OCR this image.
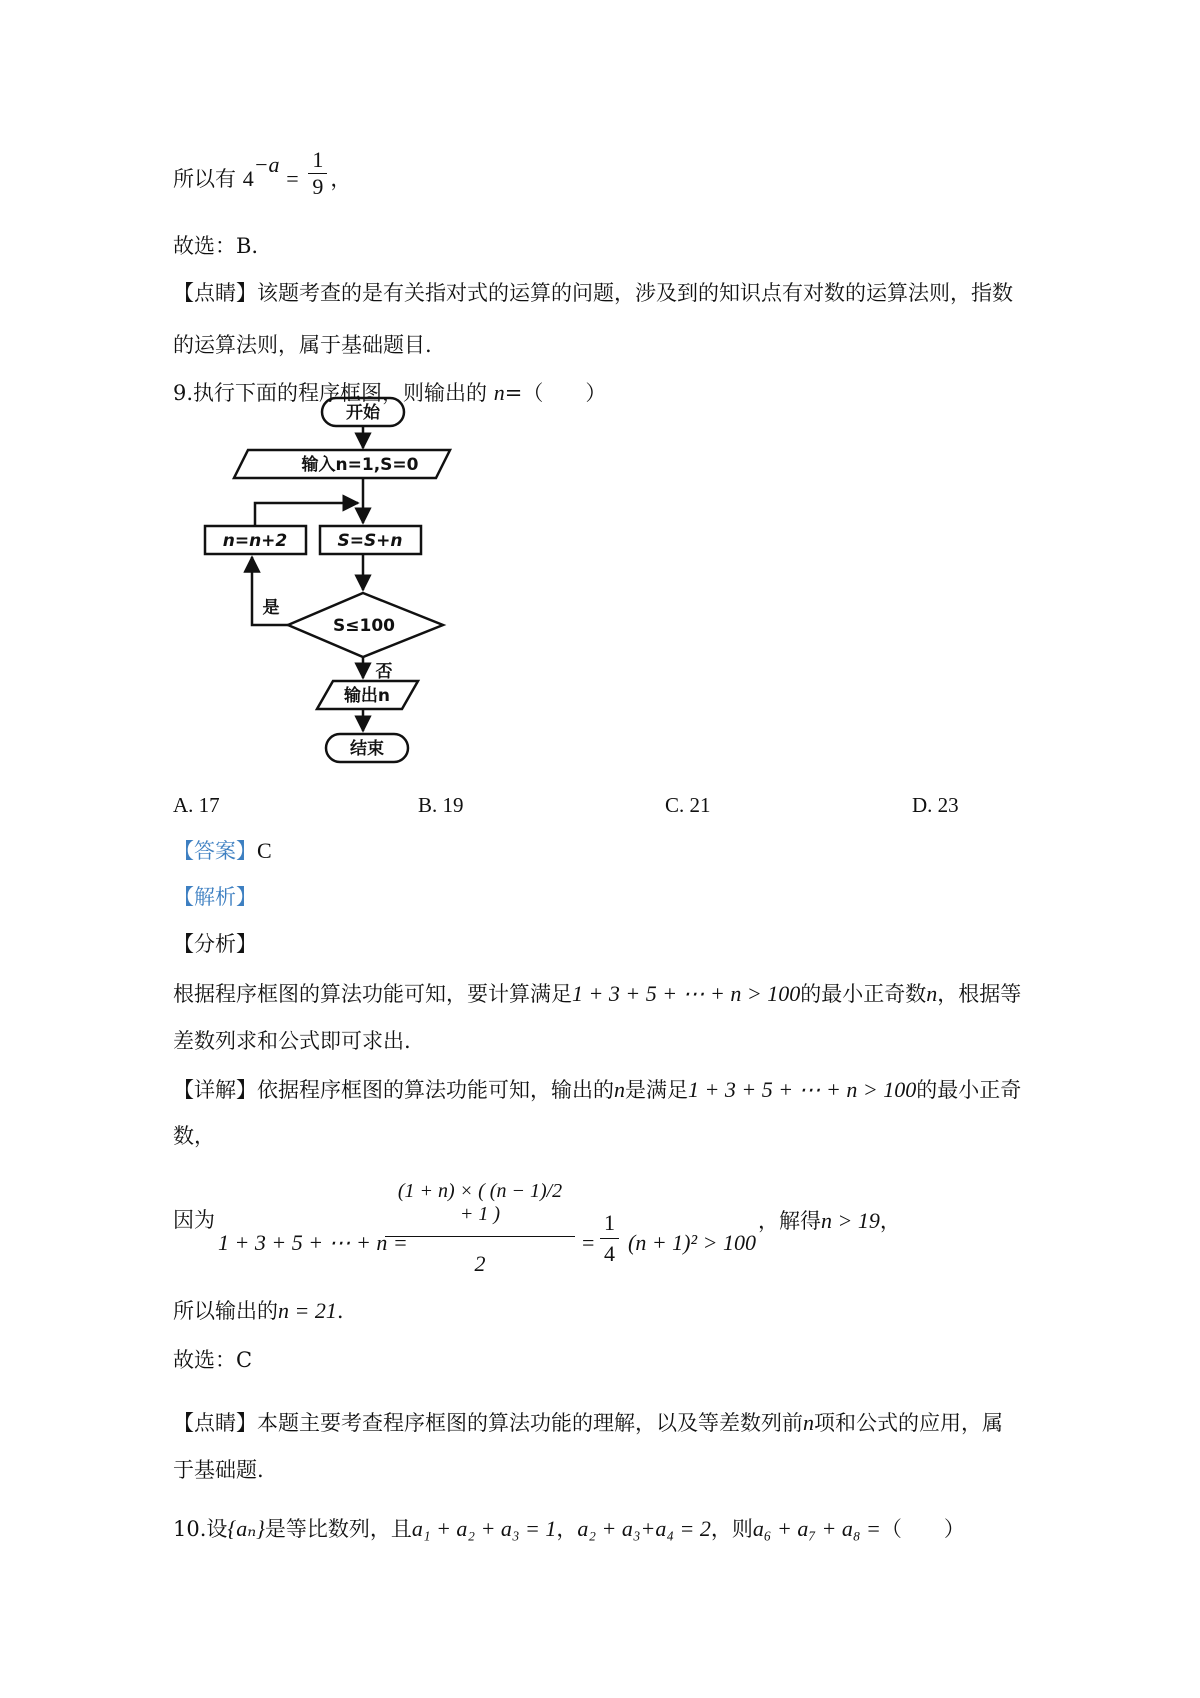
所以有 $4^{-a} = \frac{1}{9}$ ，
故选：B.
【点睛】该题考查的是有关指对式的运算的问题，涉及到的知识点有对数的运算法则，指数
的运算法则，属于基础题目.
9.执行下面的程序框图，则输出的 n=（　　）
开始
输入n=1,S=0
S=S+n
n=n+2
S≤100
是
否
输出n
结束
A. 17	B. 19	C. 21	D. 23
【答案】C
【解析】
【分析】
根据程序框图的算法功能可知，要计算满足1 + 3 + 5 + ⋯ + n > 100的最小正奇数n，根据等
差数列求和公式即可求出.
【详解】依据程序框图的算法功能可知，输出的n是满足1 + 3 + 5 + ⋯ + n > 100的最小正奇
数，
因为
1 + 3 + 5 + ⋯ + n =
$\frac{(1 + n) \times ( (n - 1)/2 + 1 )}{2} = \frac{1}{4} (n + 1)^2 > 100$
，解得n > 19，
所以输出的n = 21.
故选：C
【点睛】本题主要考查程序框图的算法功能的理解，以及等差数列前n项和公式的应用，属
于基础题.
10.设{aₙ}是等比数列，且a₁ + a₂ + a₃ = 1，a₂ + a₃+a₄ = 2，则a₆ + a₇ + a₈ =（　　）
